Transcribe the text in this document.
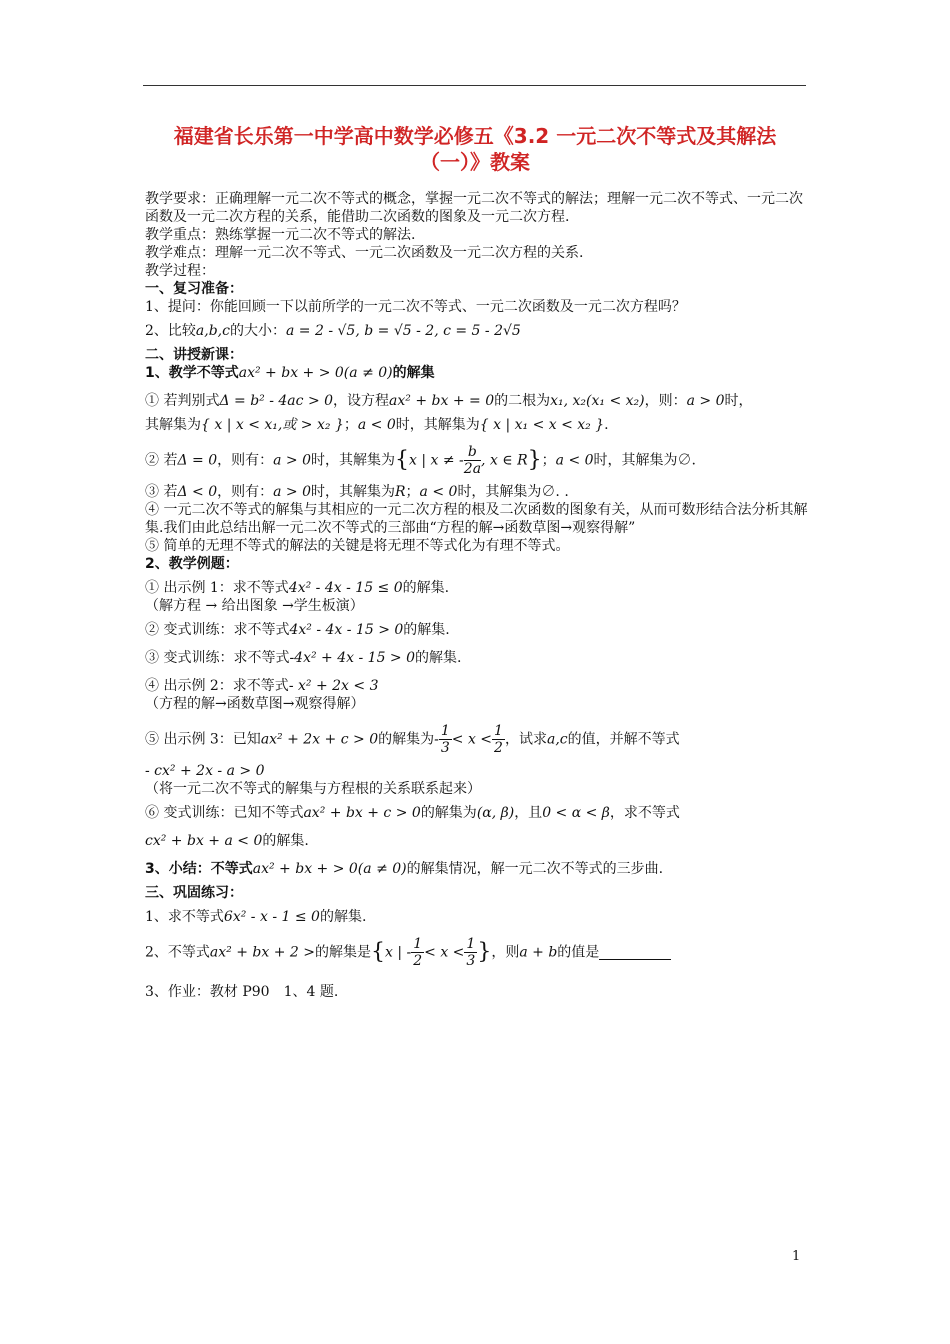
福建省长乐第一中学高中数学必修五《3.2 一元二次不等式及其解法
（一）》教案
教学要求：正确理解一元二次不等式的概念，掌握一元二次不等式的解法；理解一元二次不等式、一元二次函数及一元二次方程的关系，能借助二次函数的图象及一元二次方程.
教学重点：熟练掌握一元二次不等式的解法.
教学难点：理解一元二次不等式、一元二次函数及一元二次方程的关系.
教学过程：
一、复习准备：
1、提问：你能回顾一下以前所学的一元二次不等式、一元二次函数及一元二次方程吗？
2、比较a,b,c的大小：a = 2 - √5, b = √5 - 2, c = 5 - 2√5
二、讲授新课：
1、教学不等式ax² + bx + > 0(a ≠ 0)的解集
① 若判别式Δ = b² - 4ac > 0，设方程ax² + bx + = 0的二根为x₁, x₂(x₁ < x₂)，则：a > 0时，
其解集为{ x | x < x₁,或 > x₂ }；a < 0时，其解集为{ x | x₁ < x < x₂ }.
② 若Δ = 0，则有：a > 0时，其解集为{x | x ≠ - $\frac{b}{2a}$ , x ∈ R}；a < 0时，其解集为∅.
③ 若Δ < 0，则有：a > 0时，其解集为R；a < 0时，其解集为∅. .
④ 一元二次不等式的解集与其相应的一元二次方程的根及二次函数的图象有关，从而可数形结合法分析其解集.我们由此总结出解一元二次不等式的三部曲“方程的解→函数草图→观察得解”
⑤ 简单的无理不等式的解法的关键是将无理不等式化为有理不等式。
2、教学例题：
① 出示例 1：求不等式4x² - 4x - 15 ≤ 0的解集.
（解方程 → 给出图象 →学生板演）
② 变式训练：求不等式4x² - 4x - 15 > 0的解集.
③ 变式训练：求不等式-4x² + 4x - 15 > 0的解集.
④ 出示例 2：求不等式- x² + 2x < 3
（方程的解→函数草图→观察得解）
⑤ 出示例 3：已知ax² + 2x + c > 0的解集为- $\frac{1}{3} < x < \frac{1}{2}$ ，试求a,c的值，并解不等式
- cx² + 2x - a > 0
（将一元二次不等式的解集与方程根的关系联系起来）
⑥ 变式训练：已知不等式ax² + bx + c > 0的解集为(α, β)，且0 < α < β，求不等式
cx² + bx + a < 0的解集.
3、小结：不等式ax² + bx + > 0(a ≠ 0)的解集情况，解一元二次不等式的三步曲.
三、巩固练习：
1、求不等式6x² - x - 1 ≤ 0的解集.
2、不等式ax² + bx + 2 >的解集是{x | - $\frac{1}{2} < x < \frac{1}{3}$ }，则a + b的值是
3、作业：教材 P90　1、4 题.
1
